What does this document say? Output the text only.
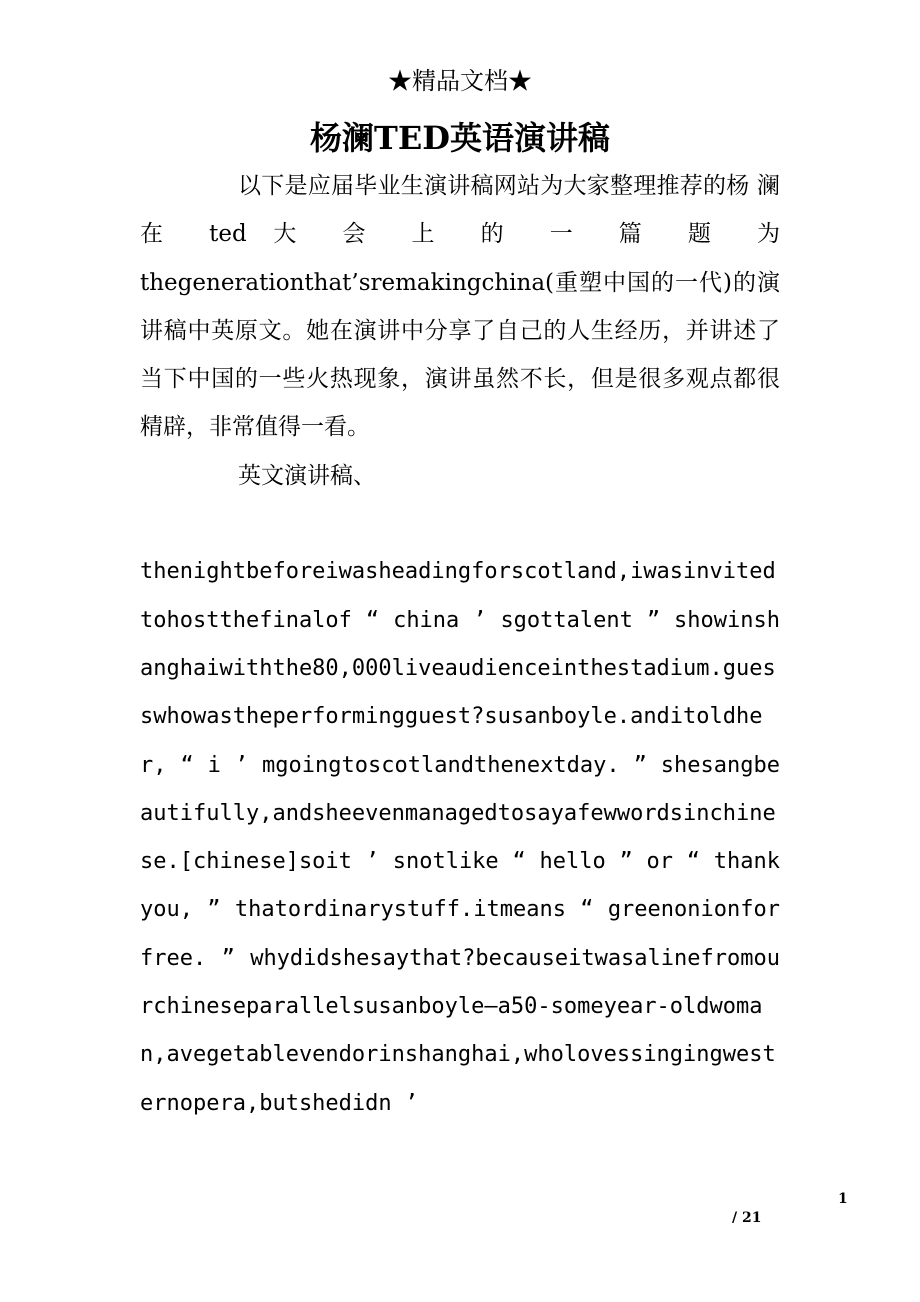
★精品文档★
杨澜TED英语演讲稿

以下是应届毕业生演讲稿网站为大家整理推荐的杨 澜 在 ted 大 会 上 的 一 篇 题 为 thegenerationthat’sremakingchina(重塑中国的一代)的演讲稿中英原文。她在演讲中分享了自己的人生经历，并讲述了当下中国的一些火热现象，演讲虽然不长，但是很多观点都很精辟，非常值得一看。

英文演讲稿、

thenightbeforeiwasheadingforscotland,iwasinvitedtohostthefinalof “ china ’ sgottalent ” showinshanghaiwiththe80,000liveaudienceinthestadium.guesswhowastheperformingguest?susanboyle.anditoldher, “ i ’ mgoingtoscotlandthenextday. ” shesangbeautifully,andsheevenmanagedtosayafewwordsinchinese.[chinese]soit ’ snotlike “ hello ” or “ thankyou, ” thatordinarystuff.itmeans “ greenonionforfree. ” whydidshesaythat?becauseitwasalinefromourchineseparallelsusanboyle—a50-someyear-oldwoman,avegetablevendorinshanghai,wholovessingingwesternopera,butshedidn ’

1
/ 21
